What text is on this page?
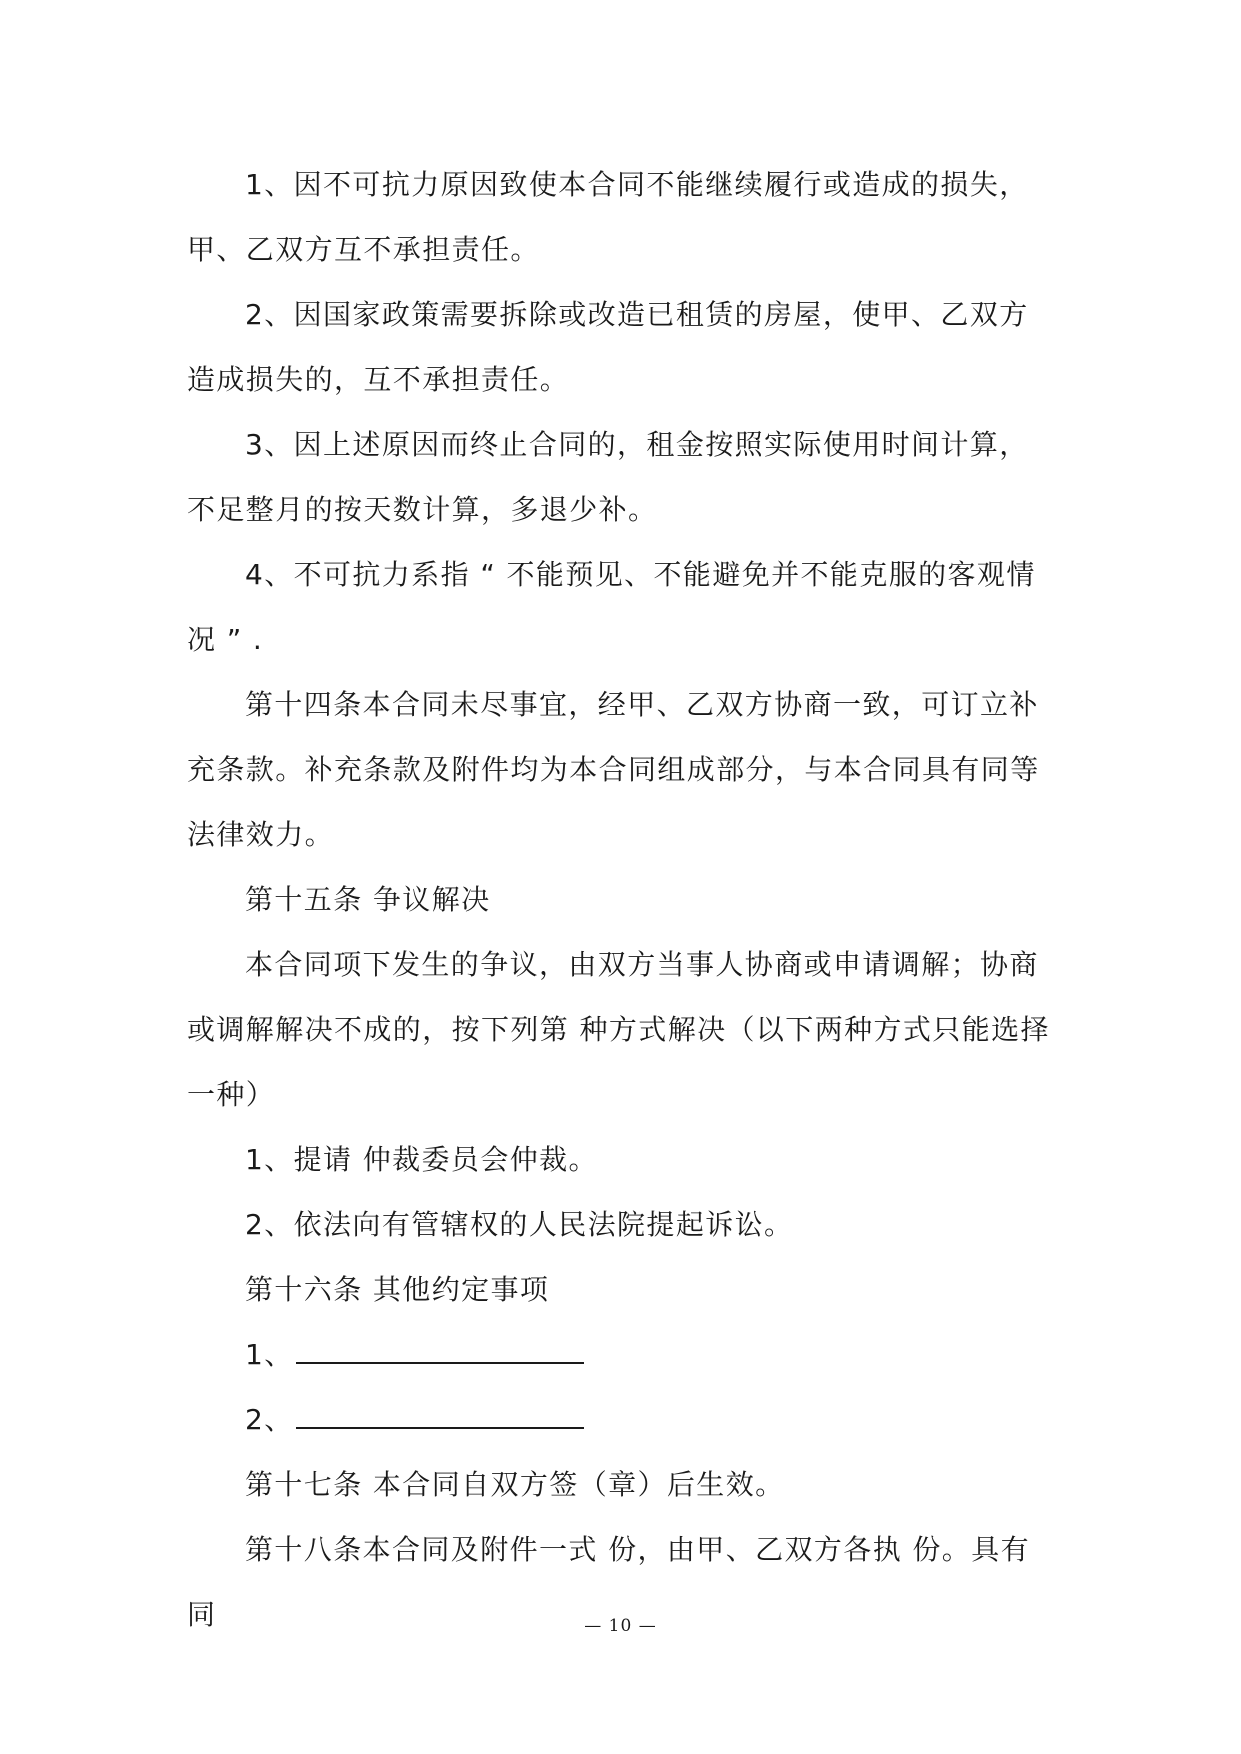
1、因不可抗力原因致使本合同不能继续履行或造成的损失，甲、乙双方互不承担责任。

2、因国家政策需要拆除或改造已租赁的房屋，使甲、乙双方造成损失的，互不承担责任。

3、因上述原因而终止合同的，租金按照实际使用时间计算，不足整月的按天数计算，多退少补。

4、不可抗力系指 “ 不能预见、不能避免并不能克服的客观情况 ” .

第十四条本合同未尽事宜，经甲、乙双方协商一致，可订立补充条款。补充条款及附件均为本合同组成部分，与本合同具有同等法律效力。

第十五条 争议解决

本合同项下发生的争议，由双方当事人协商或申请调解；协商或调解解决不成的，按下列第 种方式解决（以下两种方式只能选择一种）

1、提请 仲裁委员会仲裁。

2、依法向有管辖权的人民法院提起诉讼。

第十六条 其他约定事项

1、

2、

第十七条 本合同自双方签（章）后生效。

第十八条本合同及附件一式 份，由甲、乙双方各执 份。具有同	— 10 —
